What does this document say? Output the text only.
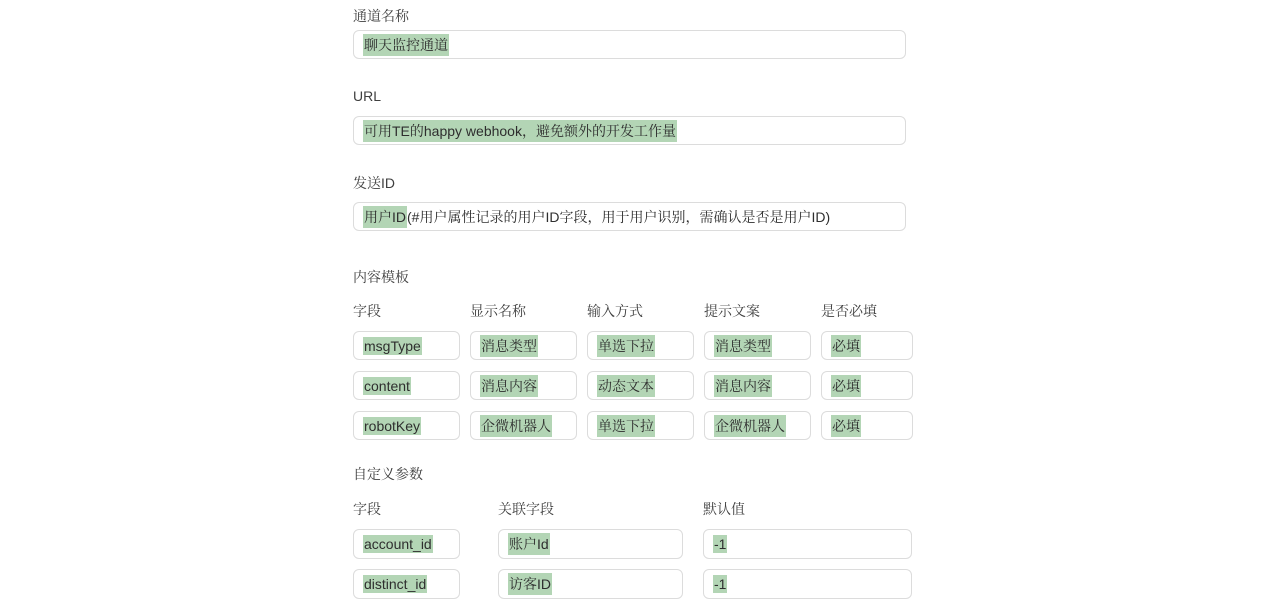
通道名称
聊天监控通道
URL
可用TE的happy webhook，避免额外的开发工作量
发送ID
用户ID (#用户属性记录的用户ID字段，用于用户识别，需确认是否是用户ID)
内容模板
字段	显示名称	输入方式	提示文案	是否必填
msgType	消息类型	单选下拉	消息类型	必填
content	消息内容	动态文本	消息内容	必填
robotKey	企微机器人	单选下拉	企微机器人	必填
自定义参数
字段	关联字段	默认值
account_id	账户Id	-1
distinct_id	访客ID	-1
